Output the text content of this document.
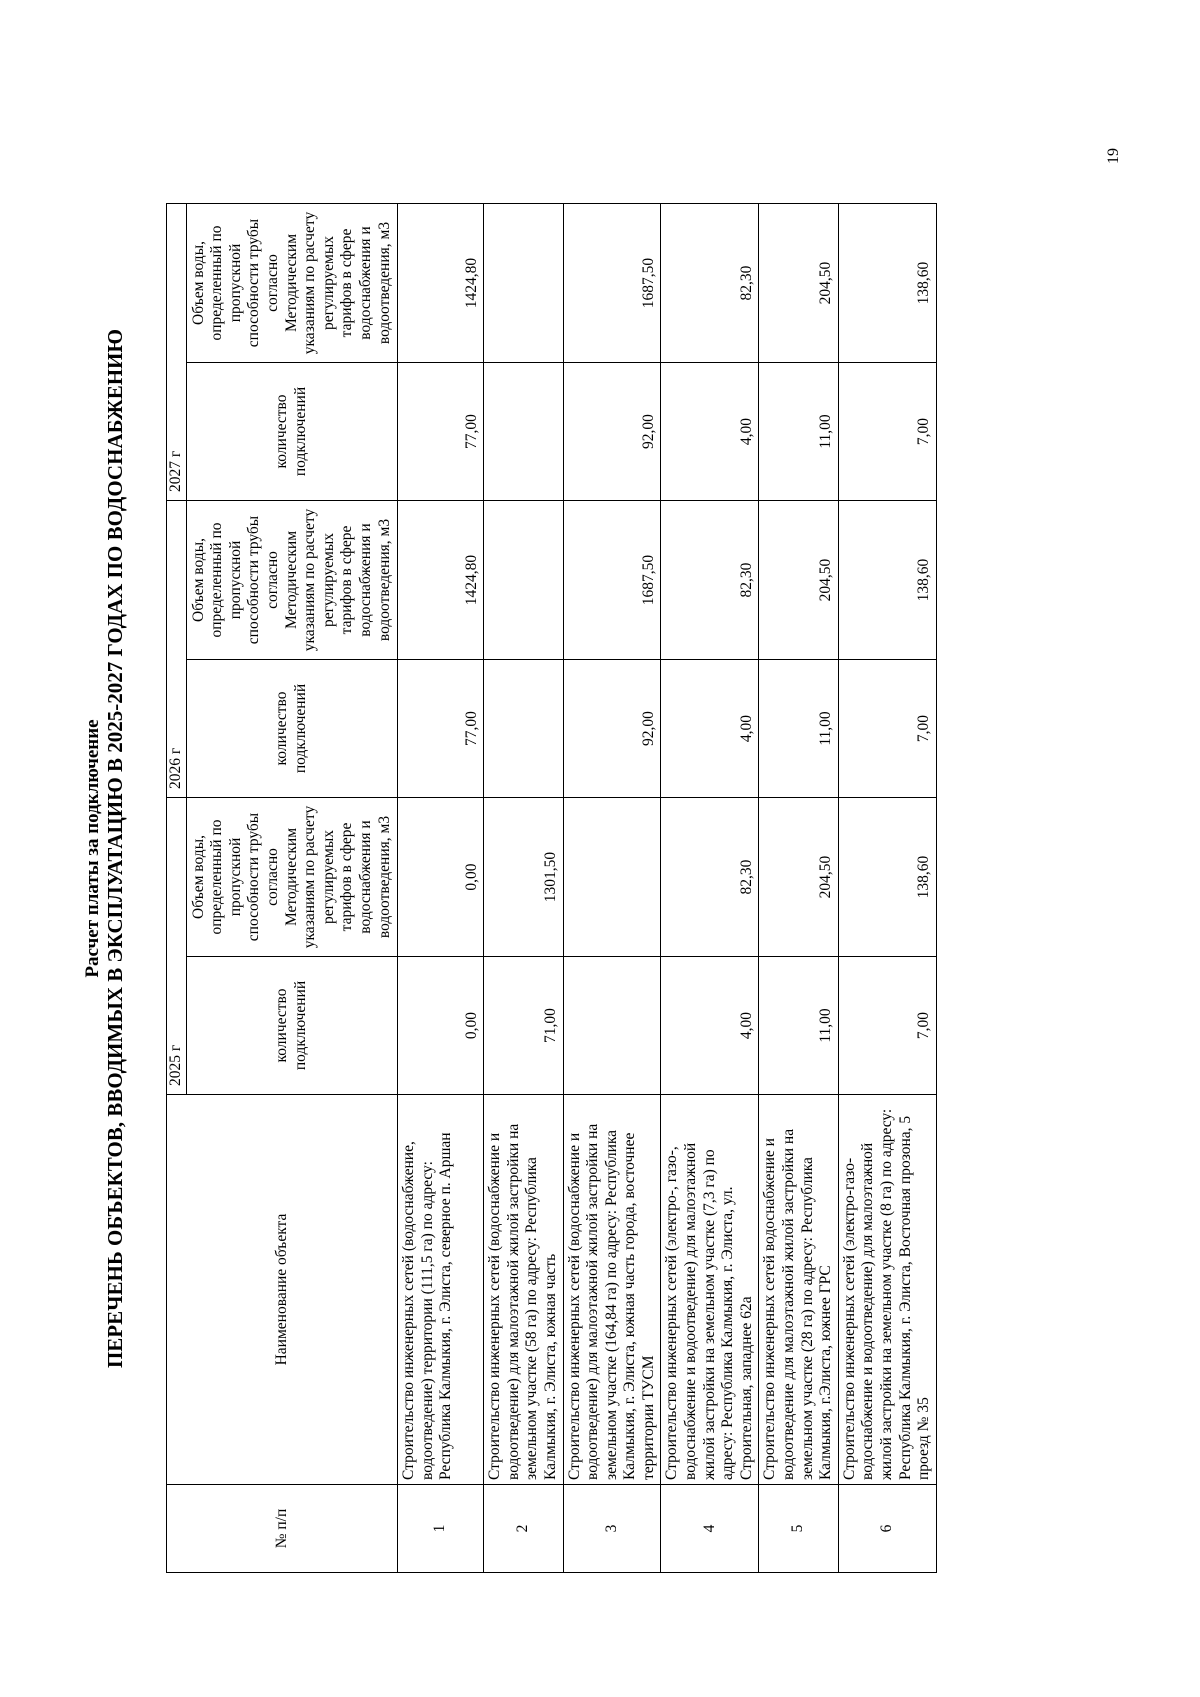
Расчет платы за подключение ПЕРЕЧЕНЬ ОБЪЕКТОВ, ВВОДИМЫХ В ЭКСПЛУАТАЦИЮ В 2025-2027 ГОДАХ ПО ВОДОСНАБЖЕНИЮ
№ п/п	Наименование объекта	2025 г		2026 г		2027 г	
		количество подключений	Объем воды, определенный по пропускной способности трубы согласно Методическим указаниям по расчету регулируемых тарифов в сфере водоснабжения и водоотведения, м3	количество подключений	Объем воды, определенный по пропускной способности трубы согласно Методическим указаниям по расчету регулируемых тарифов в сфере водоснабжения и водоотведения, м3	количество подключений	Объем воды, определенный по пропускной способности трубы согласно Методическим указаниям по расчету регулируемых тарифов в сфере водоснабжения и водоотведения, м3
1	Строительство инженерных сетей (водоснабжение, водоотведение) территории (111,5 га) по адресу: Республика Калмыкия, г. Элиста, северное п. Аршан	0,00	0,00	77,00	1424,80	77,00	1424,80
2	Строительство инженерных сетей (водоснабжение и водоотведение) для малоэтажной жилой застройки на земельном участке (58 га) по адресу: Республика Калмыкия, г. Элиста, южная часть	71,00	1301,50				
3	Строительство инженерных сетей (водоснабжение и водоотведение) для малоэтажной жилой застройки на земельном участке (164,84 га) по адресу: Республика Калмыкия, г. Элиста, южная часть города, восточнее территории ТУСМ			92,00	1687,50	92,00	1687,50
4	Строительство инженерных сетей (электро-, газо-, водоснабжение и водоотведение) для малоэтажной жилой застройки на земельном участке (7,3 га) по адресу: Республика Калмыкия, г. Элиста, ул. Строительная, западнее 62а	4,00	82,30	4,00	82,30	4,00	82,30
5	Строительство инженерных сетей водоснабжение и водоотведение для малоэтажной жилой застройки на земельном участке (28 га) по адресу: Республика Калмыкия, г.Элиста, южнее ГРС	11,00	204,50	11,00	204,50	11,00	204,50
6	Строительство инженерных сетей (электро-газо- водоснабжение и водоотведение) для малоэтажной жилой застройки на земельном участке (8 га) по адресу: Республика Калмыкия, г. Элиста, Восточная прозона, 5 проезд № 35	7,00	138,60	7,00	138,60	7,00	138,60
19
